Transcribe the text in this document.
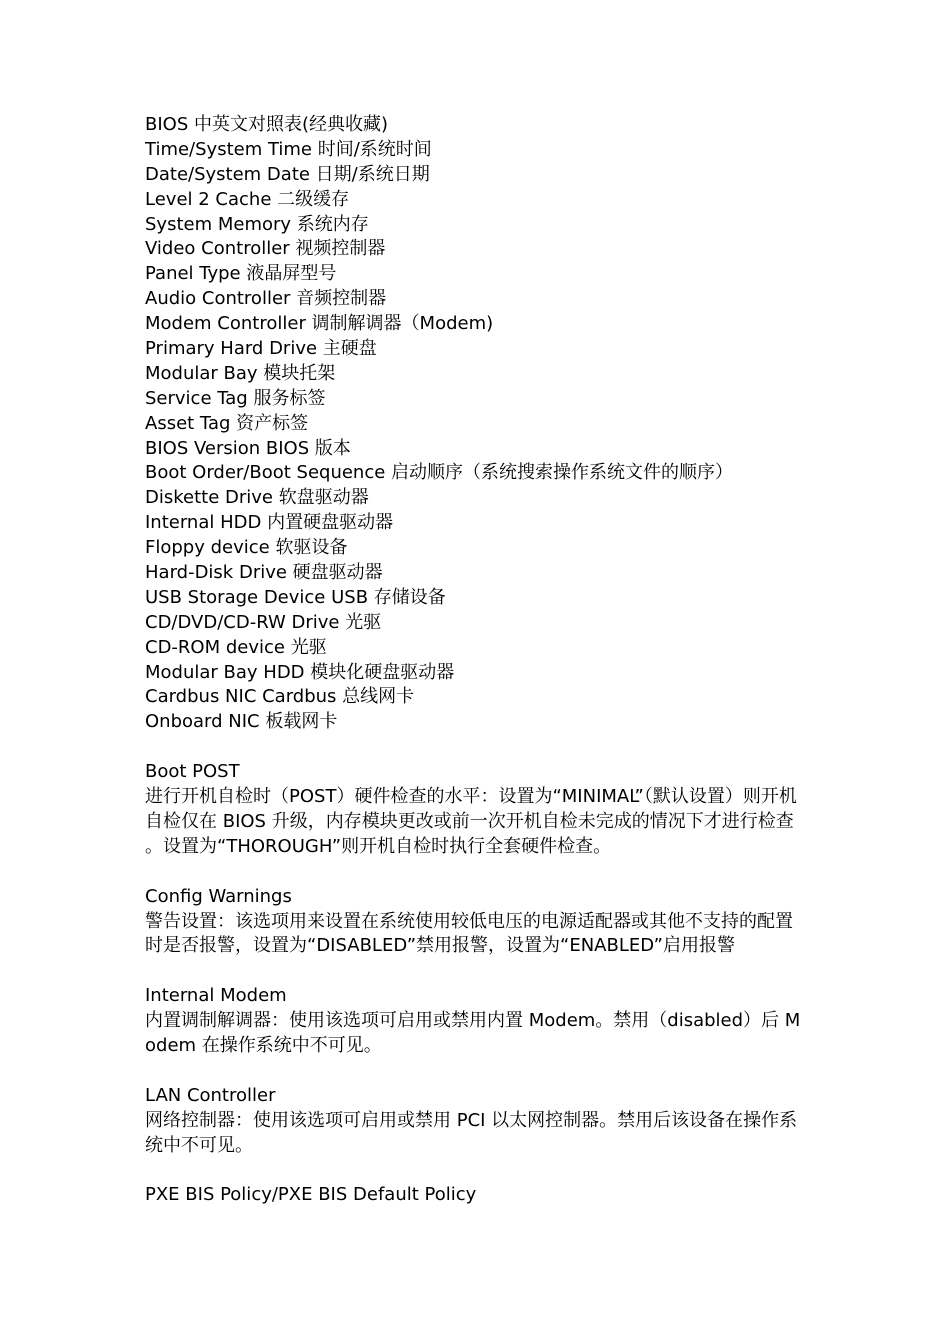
BIOS 中英文对照表(经典收藏)
Time/System Time 时间/系统时间
Date/System Date 日期/系统日期
Level 2 Cache 二级缓存
System Memory 系统内存
Video Controller 视频控制器
Panel Type 液晶屏型号
Audio Controller 音频控制器
Modem Controller 调制解调器（Modem)
Primary Hard Drive 主硬盘
Modular Bay 模块托架
Service Tag 服务标签
Asset Tag 资产标签
BIOS Version BIOS 版本
Boot Order/Boot Sequence 启动顺序（系统搜索操作系统文件的顺序）
Diskette Drive 软盘驱动器
Internal HDD 内置硬盘驱动器
Floppy device 软驱设备
Hard-Disk Drive 硬盘驱动器
USB Storage Device USB 存储设备
CD/DVD/CD-RW Drive 光驱
CD-ROM device 光驱
Modular Bay HDD 模块化硬盘驱动器
Cardbus NIC Cardbus 总线网卡
Onboard NIC 板载网卡
Boot POST
进行开机自检时（POST）硬件检查的水平：设置为“MINIMAL”（默认设置）则开机自检仅在 BIOS 升级，内存模块更改或前一次开机自检未完成的情况下才进行检查。设置为“THOROUGH”则开机自检时执行全套硬件检查。
Config Warnings
警告设置：该选项用来设置在系统使用较低电压的电源适配器或其他不支持的配置时是否报警，设置为“DISABLED”禁用报警，设置为“ENABLED”启用报警
Internal Modem
内置调制解调器：使用该选项可启用或禁用内置 Modem。禁用（disabled）后 Modem 在操作系统中不可见。
LAN Controller
网络控制器：使用该选项可启用或禁用 PCI 以太网控制器。禁用后该设备在操作系统中不可见。
PXE BIS Policy/PXE BIS Default Policy
